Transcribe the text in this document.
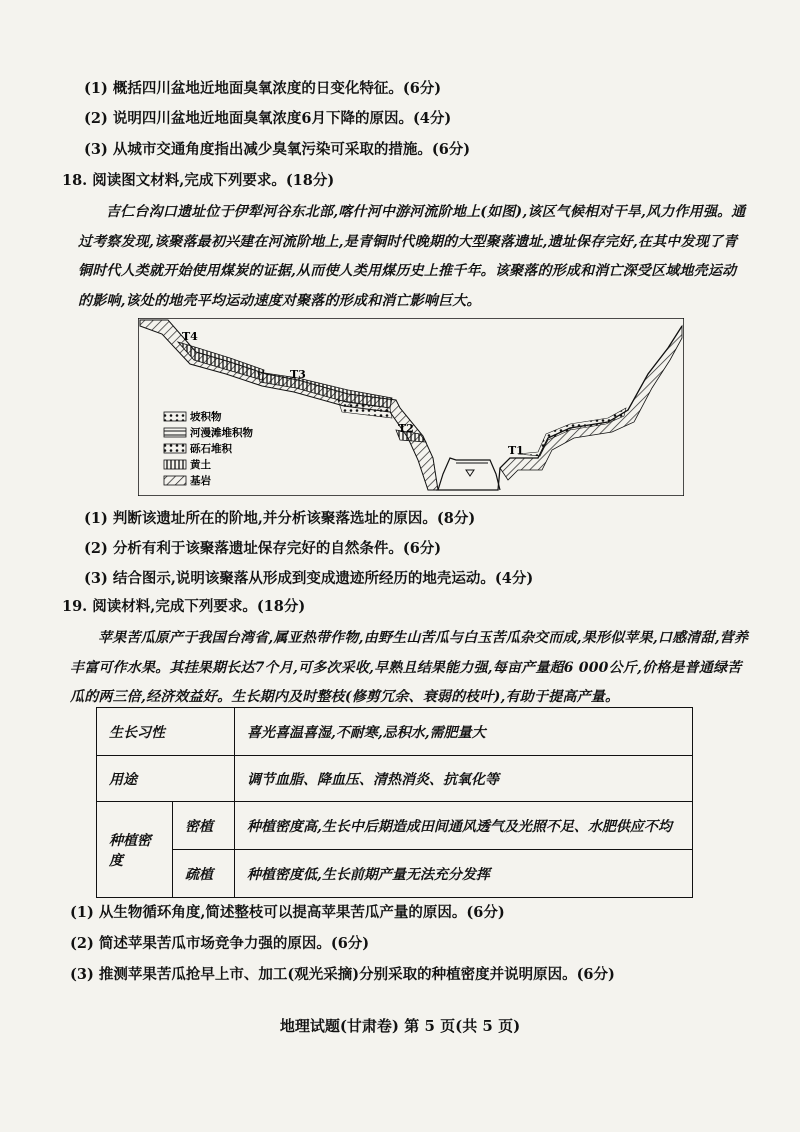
(1) 概括四川盆地近地面臭氧浓度的日变化特征。(6分)
(2) 说明四川盆地近地面臭氧浓度6月下降的原因。(4分)
(3) 从城市交通角度指出减少臭氧污染可采取的措施。(6分)
18. 阅读图文材料,完成下列要求。(18分)
吉仁台沟口遗址位于伊犁河谷东北部,喀什河中游河流阶地上(如图),该区气候相对干旱,风力作用强。通过考察发现,该聚落最初兴建在河流阶地上,是青铜时代晚期的大型聚落遗址,遗址保存完好,在其中发现了青铜时代人类就开始使用煤炭的证据,从而使人类用煤历史上推千年。该聚落的形成和消亡深受区域地壳运动的影响,该处的地壳平均运动速度对聚落的形成和消亡影响巨大。
T4
T3
T2
T1
坡积物
河漫滩堆积物
砾石堆积
黄土
基岩
(1) 判断该遗址所在的阶地,并分析该聚落选址的原因。(8分)
(2) 分析有利于该聚落遗址保存完好的自然条件。(6分)
(3) 结合图示,说明该聚落从形成到变成遗迹所经历的地壳运动。(4分)
19. 阅读材料,完成下列要求。(18分)
苹果苦瓜原产于我国台湾省,属亚热带作物,由野生山苦瓜与白玉苦瓜杂交而成,果形似苹果,口感清甜,营养丰富可作水果。其挂果期长达7个月,可多次采收,早熟且结果能力强,每亩产量超6 000公斤,价格是普通绿苦瓜的两三倍,经济效益好。生长期内及时整枝(修剪冗余、衰弱的枝叶),有助于提高产量。
生长习性		喜光喜温喜湿,不耐寒,忌积水,需肥量大
用途		调节血脂、降血压、清热消炎、抗氧化等
种植密度	密植	种植密度高,生长中后期造成田间通风透气及光照不足、水肥供应不均
	疏植	种植密度低,生长前期产量无法充分发挥
(1) 从生物循环角度,简述整枝可以提高苹果苦瓜产量的原因。(6分)
(2) 简述苹果苦瓜市场竞争力强的原因。(6分)
(3) 推测苹果苦瓜抢早上市、加工(观光采摘)分别采取的种植密度并说明原因。(6分)
地理试题(甘肃卷) 第 5 页(共 5 页)
